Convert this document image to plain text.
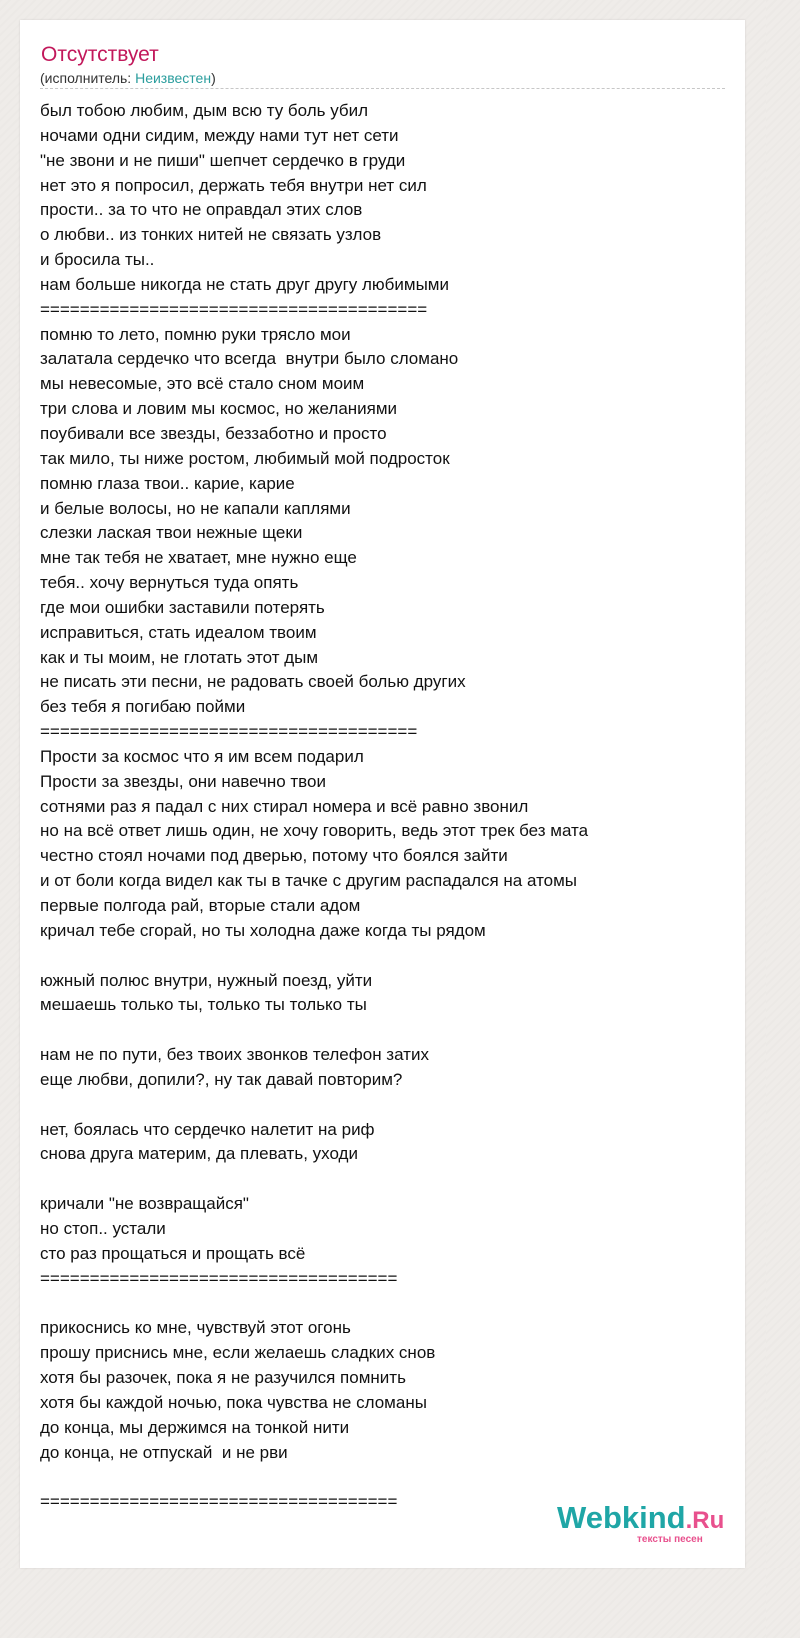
Отсутствует
(исполнитель: Неизвестен)
был тобою любим, дым всю ту боль убил
ночами одни сидим, между нами тут нет сети
"не звони и не пиши" шепчет сердечко в груди
нет это я попросил, держать тебя внутри нет сил
прости.. за то что не оправдал этих слов
о любви.. из тонких нитей не связать узлов
и бросила ты..
нам больше никогда не стать друг другу любимыми
=======================================
помню то лето, помню руки трясло мои
залатала сердечко что всегда  внутри было сломано
мы невесомые, это всё стало сном моим
три слова и ловим мы космос, но желаниями
поубивали все звезды, беззаботно и просто
так мило, ты ниже ростом, любимый мой подросток
помню глаза твои.. карие, карие
и белые волосы, но не капали каплями
слезки лаская твои нежные щеки
мне так тебя не хватает, мне нужно еще
тебя.. хочу вернуться туда опять
где мои ошибки заставили потерять
исправиться, стать идеалом твоим
как и ты моим, не глотать этот дым
не писать эти песни, не радовать своей болью других
без тебя я погибаю пойми
======================================
Прости за космос что я им всем подарил
Прости за звезды, они навечно твои
сотнями раз я падал с них стирал номера и всё равно звонил
но на всё ответ лишь один, не хочу говорить, ведь этот трек без мата
честно стоял ночами под дверью, потому что боялся зайти
и от боли когда видел как ты в тачке с другим распадался на атомы
первые полгода рай, вторые стали адом
кричал тебе сгорай, но ты холодна даже когда ты рядом
южный полюс внутри, нужный поезд, уйти
мешаешь только ты, только ты только ты
нам не по пути, без твоих звонков телефон затих
еще любви, допили?, ну так давай повторим?
нет, боялась что сердечко налетит на риф
снова друга материм, да плевать, уходи
кричали "не возвращайся"
но стоп.. устали
сто раз прощаться и прощать всё
====================================
прикоснись ко мне, чувствуй этот огонь
прошу приснись мне, если желаешь сладких снов
хотя бы разочек, пока я не разучился помнить
хотя бы каждой ночью, пока чувства не сломаны
до конца, мы держимся на тонкой нити
до конца, не отпускай  и не рви
====================================	Webkind.Ru
тексты песен
